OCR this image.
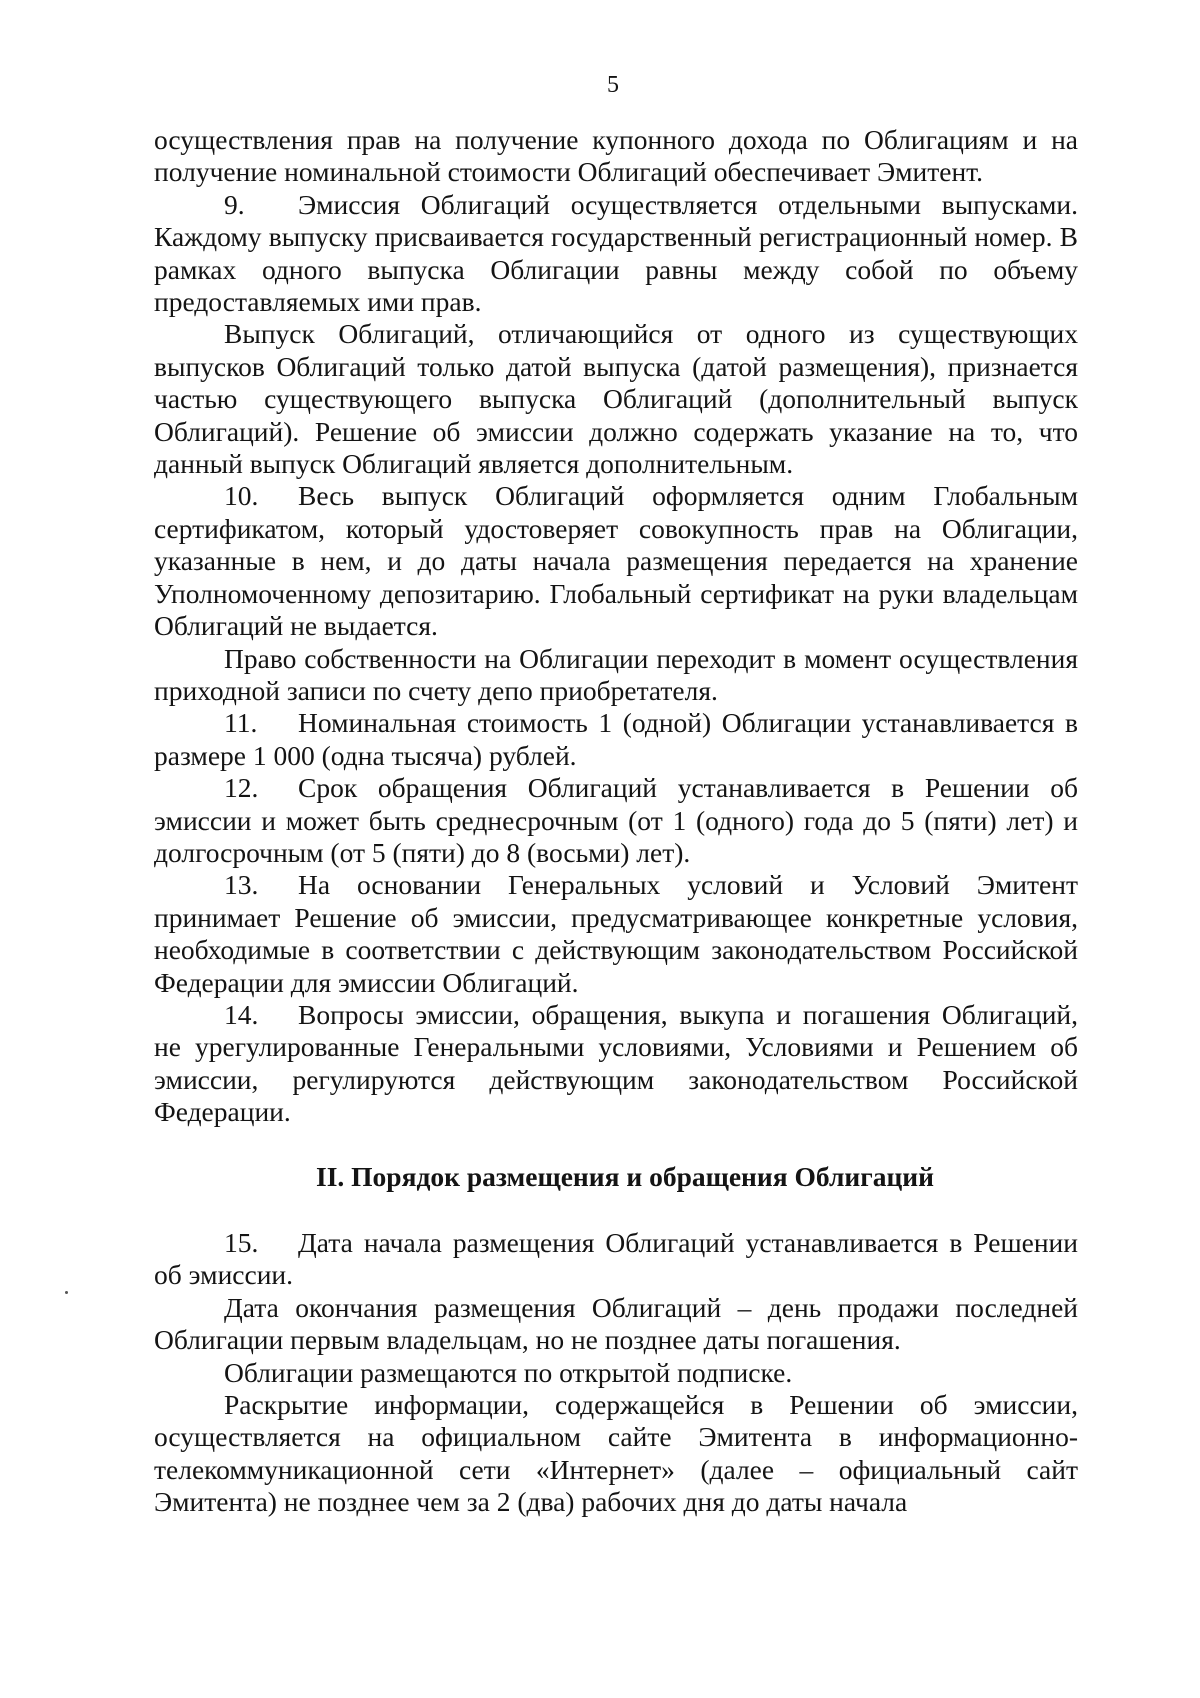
5

осуществления прав на получение купонного дохода по Облигациям и на получение номинальной стоимости Облигаций обеспечивает Эмитент.

9. Эмиссия Облигаций осуществляется отдельными выпусками. Каждому выпуску присваивается государственный регистрационный номер. В рамках одного выпуска Облигации равны между собой по объему предоставляемых ими прав.

Выпуск Облигаций, отличающийся от одного из существующих выпусков Облигаций только датой выпуска (датой размещения), признается частью существующего выпуска Облигаций (дополнительный выпуск Облигаций). Решение об эмиссии должно содержать указание на то, что данный выпуск Облигаций является дополнительным.

10. Весь выпуск Облигаций оформляется одним Глобальным сертификатом, который удостоверяет совокупность прав на Облигации, указанные в нем, и до даты начала размещения передается на хранение Уполномоченному депозитарию. Глобальный сертификат на руки владельцам Облигаций не выдается.

Право собственности на Облигации переходит в момент осуществления приходной записи по счету депо приобретателя.

11. Номинальная стоимость 1 (одной) Облигации устанавливается в размере 1 000 (одна тысяча) рублей.

12. Срок обращения Облигаций устанавливается в Решении об эмиссии и может быть среднесрочным (от 1 (одного) года до 5 (пяти) лет) и долгосрочным (от 5 (пяти) до 8 (восьми) лет).

13. На основании Генеральных условий и Условий Эмитент принимает Решение об эмиссии, предусматривающее конкретные условия, необходимые в соответствии с действующим законодательством Российской Федерации для эмиссии Облигаций.

14. Вопросы эмиссии, обращения, выкупа и погашения Облигаций, не урегулированные Генеральными условиями, Условиями и Решением об эмиссии, регулируются действующим законодательством Российской Федерации.

II. Порядок размещения и обращения Облигаций

15. Дата начала размещения Облигаций устанавливается в Решении об эмиссии.

Дата окончания размещения Облигаций – день продажи последней Облигации первым владельцам, но не позднее даты погашения.

Облигации размещаются по открытой подписке.

Раскрытие информации, содержащейся в Решении об эмиссии, осуществляется на официальном сайте Эмитента в информационно-телекоммуникационной сети «Интернет» (далее – официальный сайт Эмитента) не позднее чем за 2 (два) рабочих дня до даты начала
